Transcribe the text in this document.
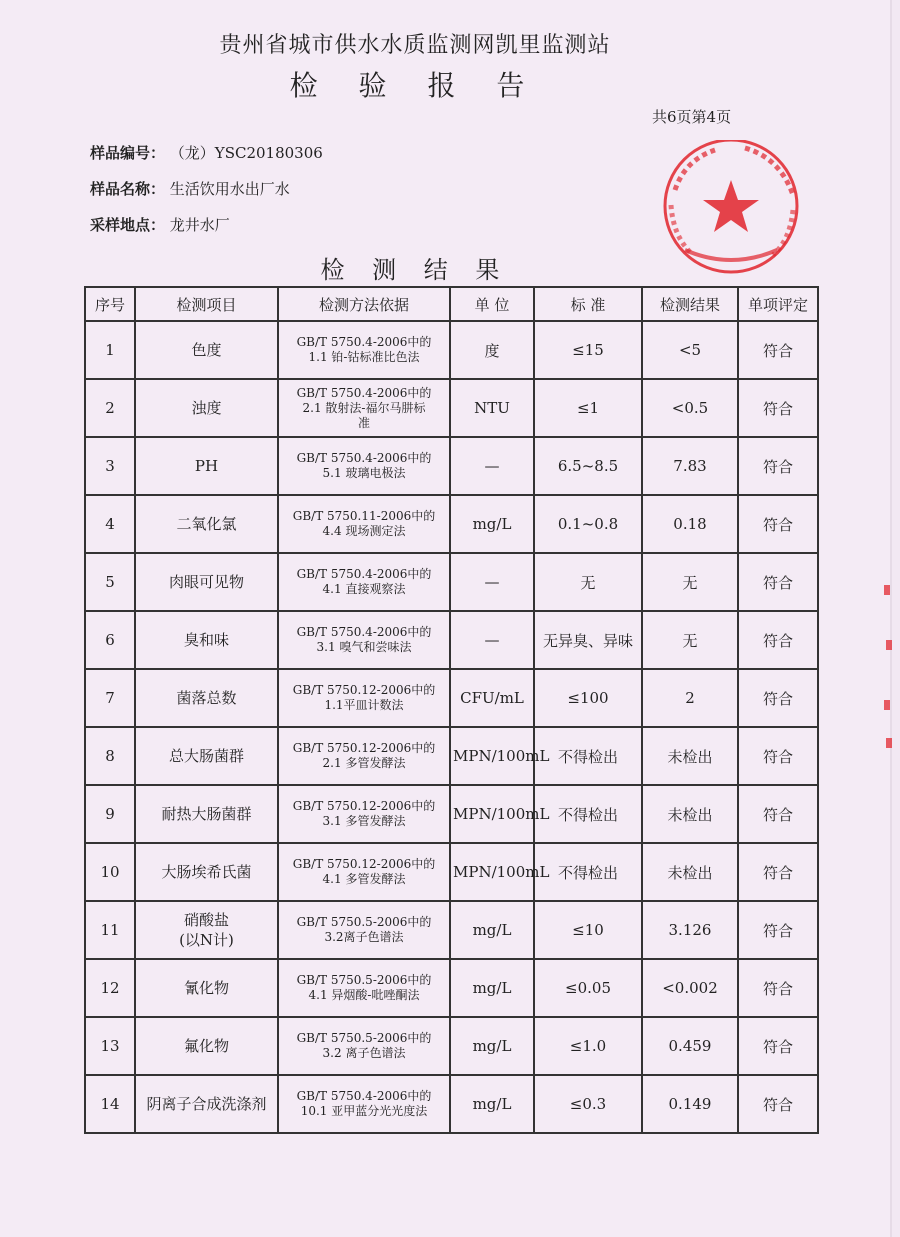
贵州省城市供水水质监测网凯里监测站
检 验 报 告
共6页第4页
样品编号： （龙）YSC20180306
样品名称： 生活饮用水出厂水
采样地点： 龙井水厂
检 测 结 果
序号	检测项目	检测方法依据	单 位	标 准	检测结果	单项评定
1	色度	GB/T 5750.4-2006中的
1.1 铂-钴标准比色法	度	≤15	<5	符合
2	浊度	GB/T 5750.4-2006中的
2.1 散射法-福尔马肼标
准	NTU	≤1	<0.5	符合
3	PH	GB/T 5750.4-2006中的
5.1 玻璃电极法	—	6.5~8.5	7.83	符合
4	二氧化氯	GB/T 5750.11-2006中的
4.4 现场测定法	mg/L	0.1~0.8	0.18	符合
5	肉眼可见物	GB/T 5750.4-2006中的
4.1 直接观察法	—	无	无	符合
6	臭和味	GB/T 5750.4-2006中的
3.1 嗅气和尝味法	—	无异臭、异味	无	符合
7	菌落总数	GB/T 5750.12-2006中的
1.1平皿计数法	CFU/mL	≤100	2	符合
8	总大肠菌群	GB/T 5750.12-2006中的
2.1 多管发酵法	MPN/100mL	不得检出	未检出	符合
9	耐热大肠菌群	GB/T 5750.12-2006中的
3.1 多管发酵法	MPN/100mL	不得检出	未检出	符合
10	大肠埃希氏菌	GB/T 5750.12-2006中的
4.1 多管发酵法	MPN/100mL	不得检出	未检出	符合
11	硝酸盐
(以N计)	GB/T 5750.5-2006中的
3.2离子色谱法	mg/L	≤10	3.126	符合
12	氰化物	GB/T 5750.5-2006中的
4.1 异烟酸-吡唑酮法	mg/L	≤0.05	<0.002	符合
13	氟化物	GB/T 5750.5-2006中的
3.2 离子色谱法	mg/L	≤1.0	0.459	符合
14	阴离子合成洗涤剂	GB/T 5750.4-2006中的
10.1 亚甲蓝分光光度法	mg/L	≤0.3	0.149	符合
